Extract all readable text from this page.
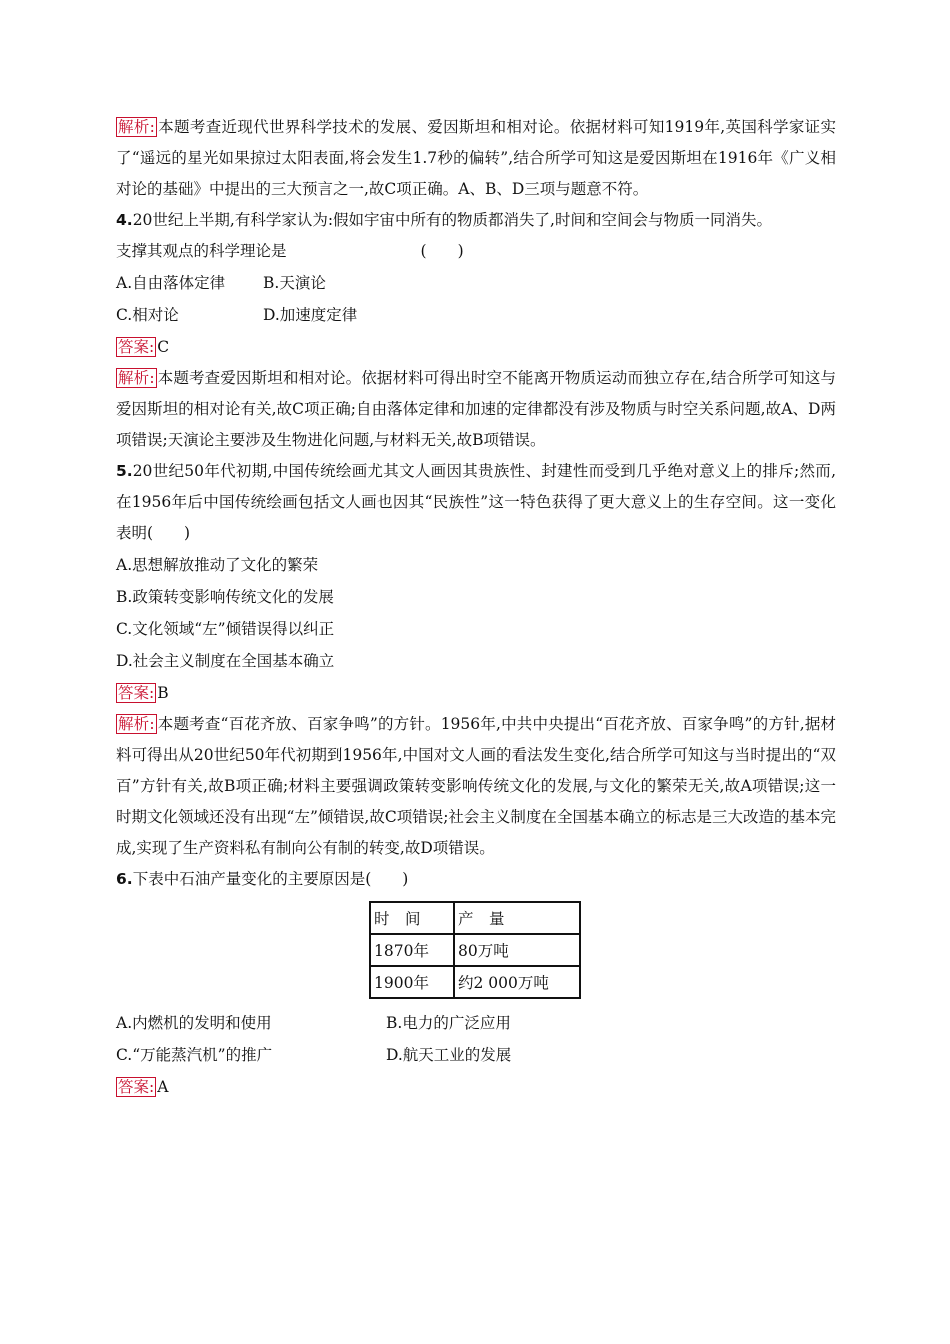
解析: 本题考查近现代世界科学技术的发展、爱因斯坦和相对论。依据材料可知1919年,英国科学家证实了“遥远的星光如果掠过太阳表面,将会发生1.7秒的偏转”,结合所学可知这是爱因斯坦在1916年《广义相对论的基础》中提出的三大预言之一,故C项正确。A、B、D三项与题意不符。

4.20世纪上半期,有科学家认为:假如宇宙中所有的物质都消失了,时间和空间会与物质一同消失。

支撑其观点的科学理论是	(　　)

A.自由落体定律	B.天演论
C.相对论	D.加速度定律

答案: C

解析: 本题考查爱因斯坦和相对论。依据材料可得出时空不能离开物质运动而独立存在,结合所学可知这与爱因斯坦的相对论有关,故C项正确;自由落体定律和加速的定律都没有涉及物质与时空关系问题,故A、D两项错误;天演论主要涉及生物进化问题,与材料无关,故B项错误。

5.20世纪50年代初期,中国传统绘画尤其文人画因其贵族性、封建性而受到几乎绝对意义上的排斥;然而,在1956年后中国传统绘画包括文人画也因其“民族性”这一特色获得了更大意义上的生存空间。这一变化表明(　　)

A.思想解放推动了文化的繁荣

B.政策转变影响传统文化的发展

C.文化领域“左”倾错误得以纠正

D.社会主义制度在全国基本确立

答案: B

解析: 本题考查“百花齐放、百家争鸣”的方针。1956年,中共中央提出“百花齐放、百家争鸣”的方针,据材料可得出从20世纪50年代初期到1956年,中国对文人画的看法发生变化,结合所学可知这与当时提出的“双百”方针有关,故B项正确;材料主要强调政策转变影响传统文化的发展,与文化的繁荣无关,故A项错误;这一时期文化领域还没有出现“左”倾错误,故C项错误;社会主义制度在全国基本确立的标志是三大改造的基本完成,实现了生产资料私有制向公有制的转变,故D项错误。

6.下表中石油产量变化的主要原因是(　　)

时　间	产　量
1870年	80万吨
1900年	约2 000万吨
A.内燃机的发明和使用	B.电力的广泛应用
C.“万能蒸汽机”的推广	D.航天工业的发展

答案: A
